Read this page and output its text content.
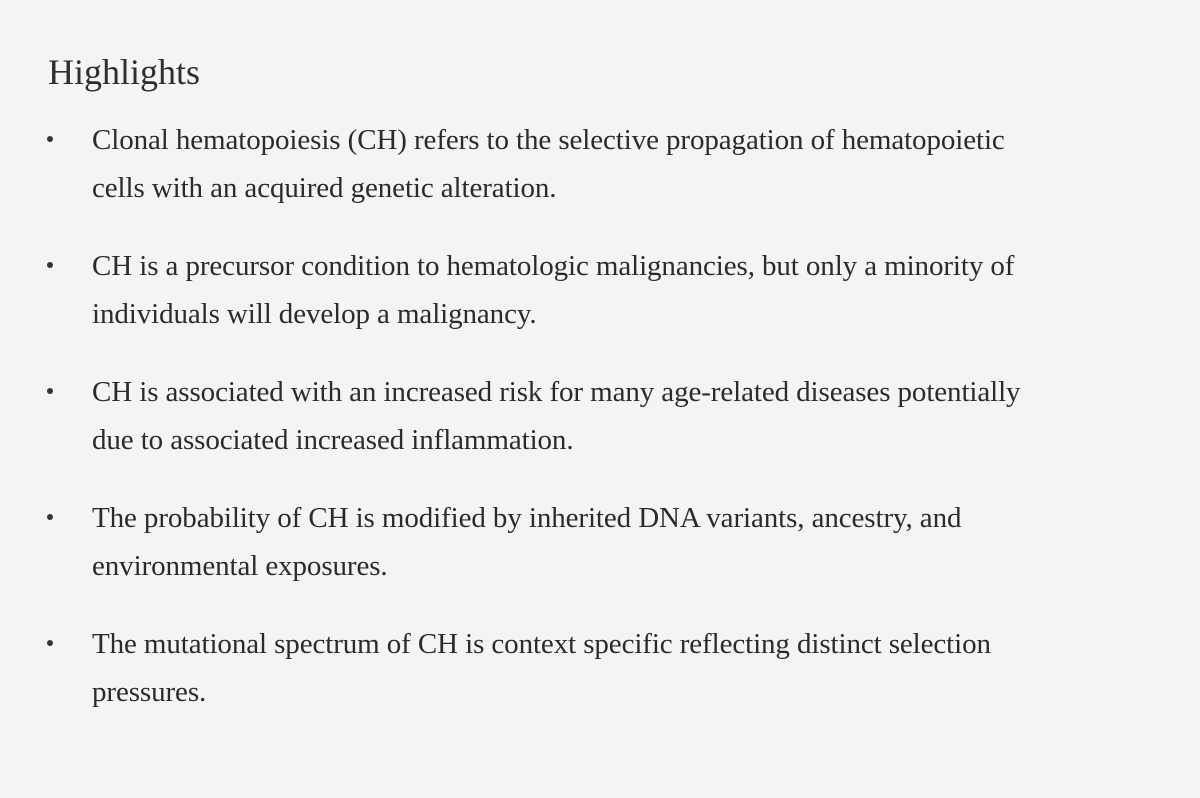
Highlights
Clonal hematopoiesis (CH) refers to the selective propagation of hematopoietic
cells with an acquired genetic alteration.
CH is a precursor condition to hematologic malignancies, but only a minority of
individuals will develop a malignancy.
CH is associated with an increased risk for many age-related diseases potentially
due to associated increased inflammation.
The probability of CH is modified by inherited DNA variants, ancestry, and
environmental exposures.
The mutational spectrum of CH is context specific reflecting distinct selection
pressures.
